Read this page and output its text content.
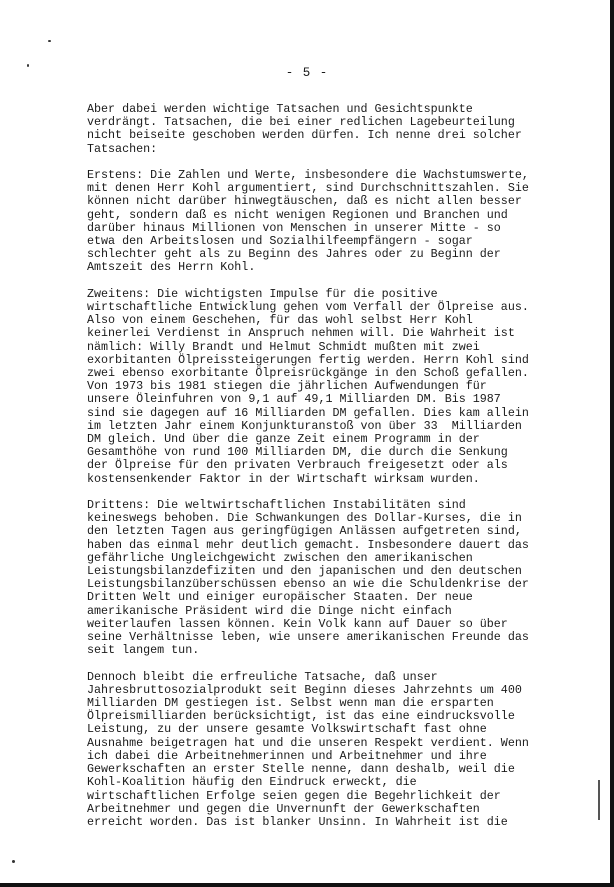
- 5 -

Aber dabei werden wichtige Tatsachen und Gesichtspunkte
verdrängt. Tatsachen, die bei einer redlichen Lagebeurteilung
nicht beiseite geschoben werden dürfen. Ich nenne drei solcher
Tatsachen:

Erstens: Die Zahlen und Werte, insbesondere die Wachstumswerte,
mit denen Herr Kohl argumentiert, sind Durchschnittszahlen. Sie
können nicht darüber hinwegtäuschen, daß es nicht allen besser
geht, sondern daß es nicht wenigen Regionen und Branchen und
darüber hinaus Millionen von Menschen in unserer Mitte - so
etwa den Arbeitslosen und Sozialhilfeempfängern - sogar
schlechter geht als zu Beginn des Jahres oder zu Beginn der
Amtszeit des Herrn Kohl.

Zweitens: Die wichtigsten Impulse für die positive
wirtschaftliche Entwicklung gehen vom Verfall der Ölpreise aus.
Also von einem Geschehen, für das wohl selbst Herr Kohl
keinerlei Verdienst in Anspruch nehmen will. Die Wahrheit ist
nämlich: Willy Brandt und Helmut Schmidt mußten mit zwei
exorbitanten Ölpreissteigerungen fertig werden. Herrn Kohl sind
zwei ebenso exorbitante Ölpreisrückgänge in den Schoß gefallen.
Von 1973 bis 1981 stiegen die jährlichen Aufwendungen für
unsere Öleinfuhren von 9,1 auf 49,1 Milliarden DM. Bis 1987
sind sie dagegen auf 16 Milliarden DM gefallen. Dies kam allein
im letzten Jahr einem Konjunkturanstoß von über 33  Milliarden
DM gleich. Und über die ganze Zeit einem Programm in der
Gesamthöhe von rund 100 Milliarden DM, die durch die Senkung
der Ölpreise für den privaten Verbrauch freigesetzt oder als
kostensenkender Faktor in der Wirtschaft wirksam wurden.

Drittens: Die weltwirtschaftlichen Instabilitäten sind
keineswegs behoben. Die Schwankungen des Dollar-Kurses, die in
den letzten Tagen aus geringfügigen Anlässen aufgetreten sind,
haben das einmal mehr deutlich gemacht. Insbesondere dauert das
gefährliche Ungleichgewicht zwischen den amerikanischen
Leistungsbilanzdefiziten und den japanischen und den deutschen
Leistungsbilanzüberschüssen ebenso an wie die Schuldenkrise der
Dritten Welt und einiger europäischer Staaten. Der neue
amerikanische Präsident wird die Dinge nicht einfach
weiterlaufen lassen können. Kein Volk kann auf Dauer so über
seine Verhältnisse leben, wie unsere amerikanischen Freunde das
seit langem tun.

Dennoch bleibt die erfreuliche Tatsache, daß unser
Jahresbruttosozialprodukt seit Beginn dieses Jahrzehnts um 400
Milliarden DM gestiegen ist. Selbst wenn man die ersparten
Ölpreismilliarden berücksichtigt, ist das eine eindrucksvolle
Leistung, zu der unsere gesamte Volkswirtschaft fast ohne
Ausnahme beigetragen hat und die unseren Respekt verdient. Wenn
ich dabei die Arbeitnehmerinnen und Arbeitnehmer und ihre
Gewerkschaften an erster Stelle nenne, dann deshalb, weil die
Kohl-Koalition häufig den Eindruck erweckt, die
wirtschaftlichen Erfolge seien gegen die Begehrlichkeit der
Arbeitnehmer und gegen die Unvernunft der Gewerkschaften
erreicht worden. Das ist blanker Unsinn. In Wahrheit ist die
